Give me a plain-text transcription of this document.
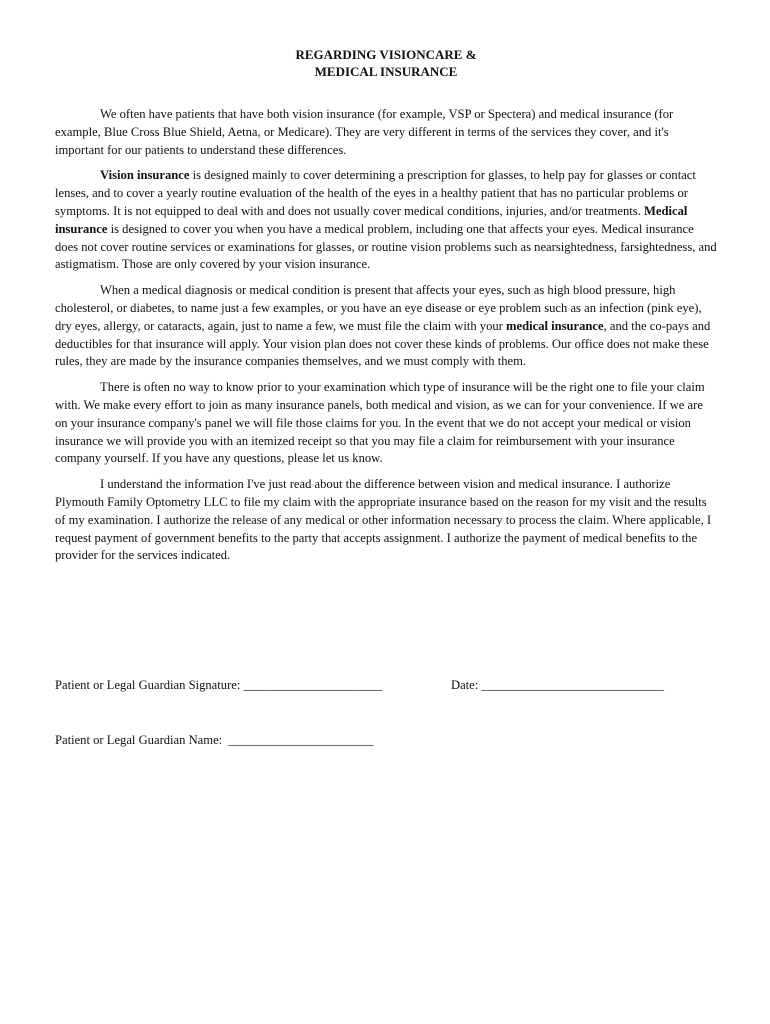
REGARDING VISIONCARE &
MEDICAL INSURANCE

We often have patients that have both vision insurance (for example, VSP or Spectera) and medical insurance (for example, Blue Cross Blue Shield, Aetna, or Medicare). They are very different in terms of the services they cover, and it's important for our patients to understand these differences.

Vision insurance is designed mainly to cover determining a prescription for glasses, to help pay for glasses or contact lenses, and to cover a yearly routine evaluation of the health of the eyes in a healthy patient that has no particular problems or symptoms. It is not equipped to deal with and does not usually cover medical conditions, injuries, and/or treatments. Medical insurance is designed to cover you when you have a medical problem, including one that affects your eyes. Medical insurance does not cover routine services or examinations for glasses, or routine vision problems such as nearsightedness, farsightedness, and astigmatism. Those are only covered by your vision insurance.

When a medical diagnosis or medical condition is present that affects your eyes, such as high blood pressure, high cholesterol, or diabetes, to name just a few examples, or you have an eye disease or eye problem such as an infection (pink eye), dry eyes, allergy, or cataracts, again, just to name a few, we must file the claim with your medical insurance, and the co-pays and deductibles for that insurance will apply. Your vision plan does not cover these kinds of problems. Our office does not make these rules, they are made by the insurance companies themselves, and we must comply with them.

There is often no way to know prior to your examination which type of insurance will be the right one to file your claim with. We make every effort to join as many insurance panels, both medical and vision, as we can for your convenience. If we are on your insurance company's panel we will file those claims for you. In the event that we do not accept your medical or vision insurance we will provide you with an itemized receipt so that you may file a claim for reimbursement with your insurance company yourself. If you have any questions, please let us know.

I understand the information I've just read about the difference between vision and medical insurance. I authorize Plymouth Family Optometry LLC to file my claim with the appropriate insurance based on the reason for my visit and the results of my examination. I authorize the release of any medical or other information necessary to process the claim. Where applicable, I request payment of government benefits to the party that accepts assignment. I authorize the payment of medical benefits to the provider for the services indicated.

Patient or Legal Guardian Signature: ______________________	Date: _____________________________
Patient or Legal Guardian Name:  _______________________
